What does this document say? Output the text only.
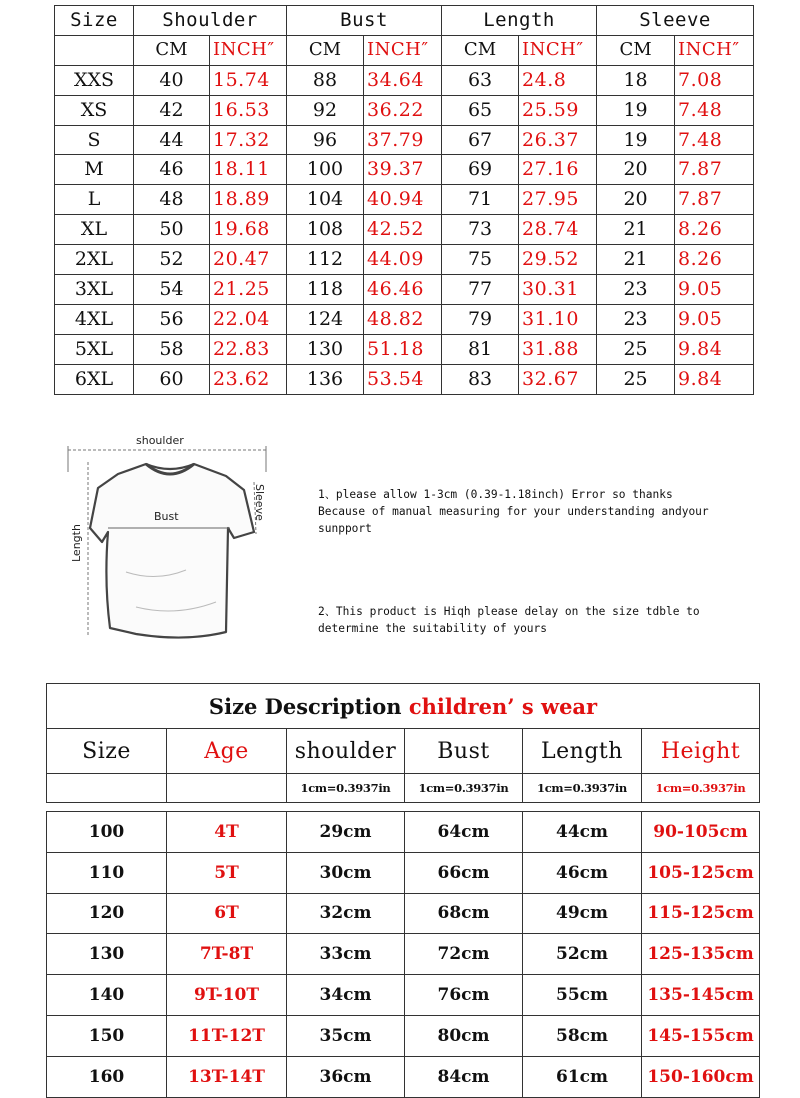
Size	Shoulder		Bust		Length		Sleeve	
	CM	INCH″	CM	INCH″	CM	INCH″	CM	INCH″
XXS	40	15.74	88	34.64	63	24.8	18	7.08
XS	42	16.53	92	36.22	65	25.59	19	7.48
S	44	17.32	96	37.79	67	26.37	19	7.48
M	46	18.11	100	39.37	69	27.16	20	7.87
L	48	18.89	104	40.94	71	27.95	20	7.87
XL	50	19.68	108	42.52	73	28.74	21	8.26
2XL	52	20.47	112	44.09	75	29.52	21	8.26
3XL	54	21.25	118	46.46	77	30.31	23	9.05
4XL	56	22.04	124	48.82	79	31.10	23	9.05
5XL	58	22.83	130	51.18	81	31.88	25	9.84
6XL	60	23.62	136	53.54	83	32.67	25	9.84
shoulder
Bust
Length
Sleeve	1、please allow 1-3cm (0.39-1.18inch) Error so thanks

Because of manual measuring for your understanding andyour

sunpport

2、This product is Hiqh please delay on the size tdble to

determine the suitability of yours

Size Description children’ s wear					
Size	Age	shoulder	Bust	Length	Height
		1cm=0.3937in	1cm=0.3937in	1cm=0.3937in	1cm=0.3937in

100	4T	29cm	64cm	44cm	90-105cm
110	5T	30cm	66cm	46cm	105-125cm
120	6T	32cm	68cm	49cm	115-125cm
130	7T-8T	33cm	72cm	52cm	125-135cm
140	9T-10T	34cm	76cm	55cm	135-145cm
150	11T-12T	35cm	80cm	58cm	145-155cm
160	13T-14T	36cm	84cm	61cm	150-160cm
